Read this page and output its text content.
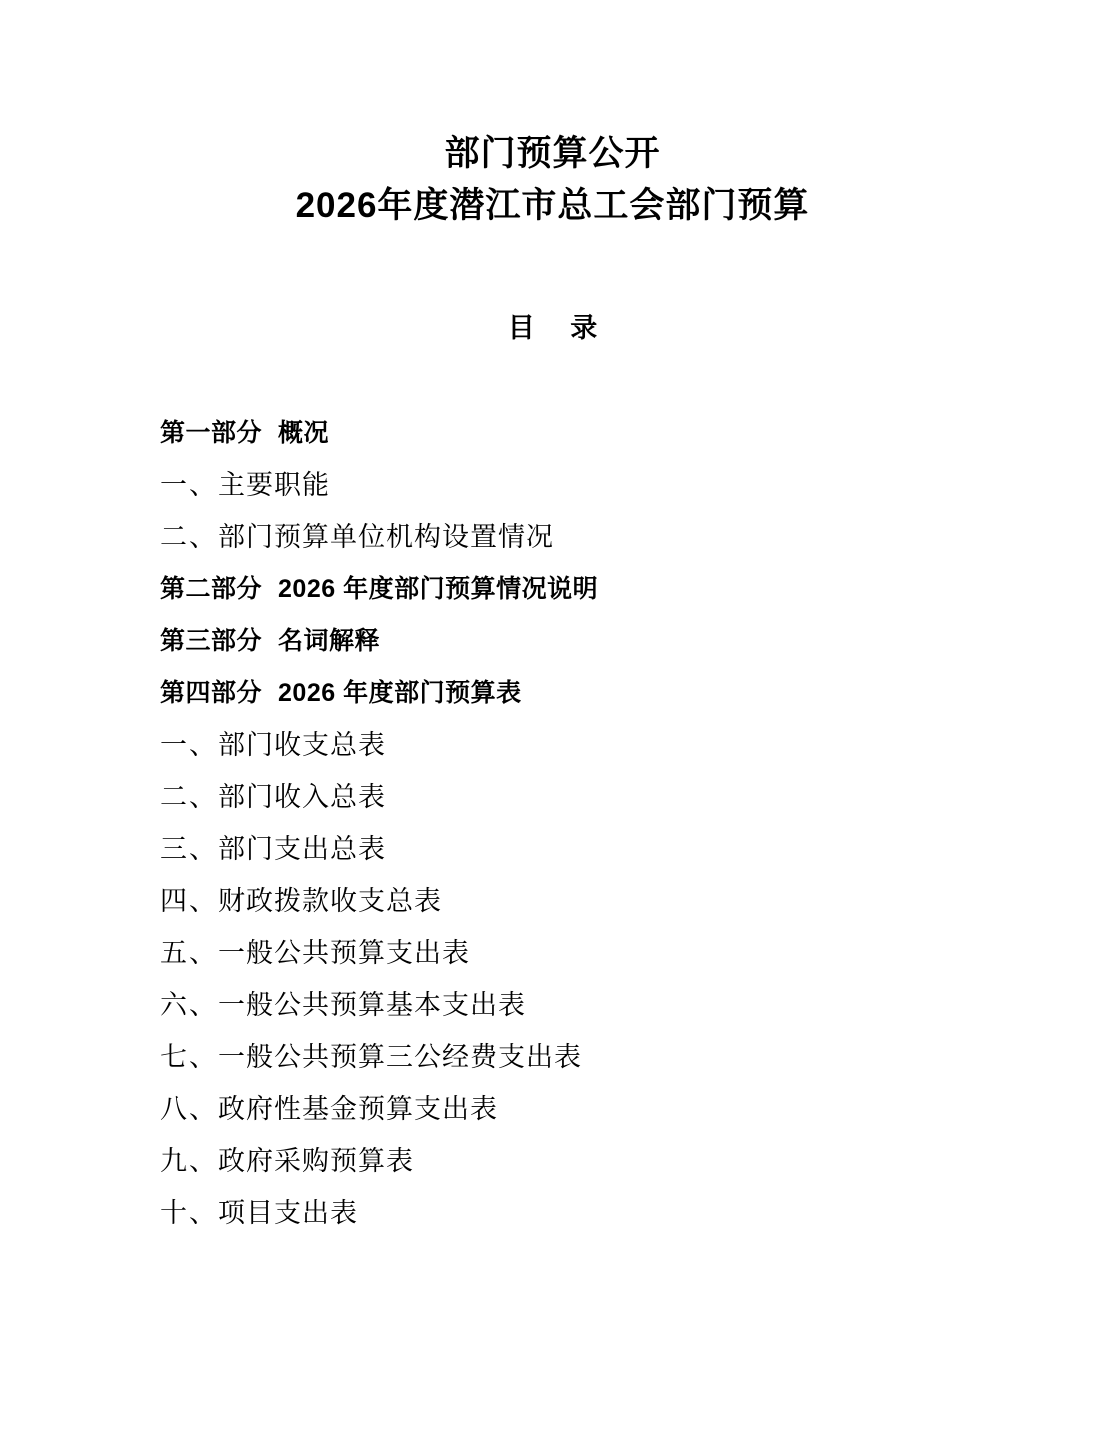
部门预算公开
2026年度潜江市总工会部门预算
目 录
第一部分 概况
一、主要职能
二、部门预算单位机构设置情况
第二部分 2026 年度部门预算情况说明
第三部分 名词解释
第四部分 2026 年度部门预算表
一、部门收支总表
二、部门收入总表
三、部门支出总表
四、财政拨款收支总表
五、一般公共预算支出表
六、一般公共预算基本支出表
七、一般公共预算三公经费支出表
八、政府性基金预算支出表
九、政府采购预算表
十、项目支出表
